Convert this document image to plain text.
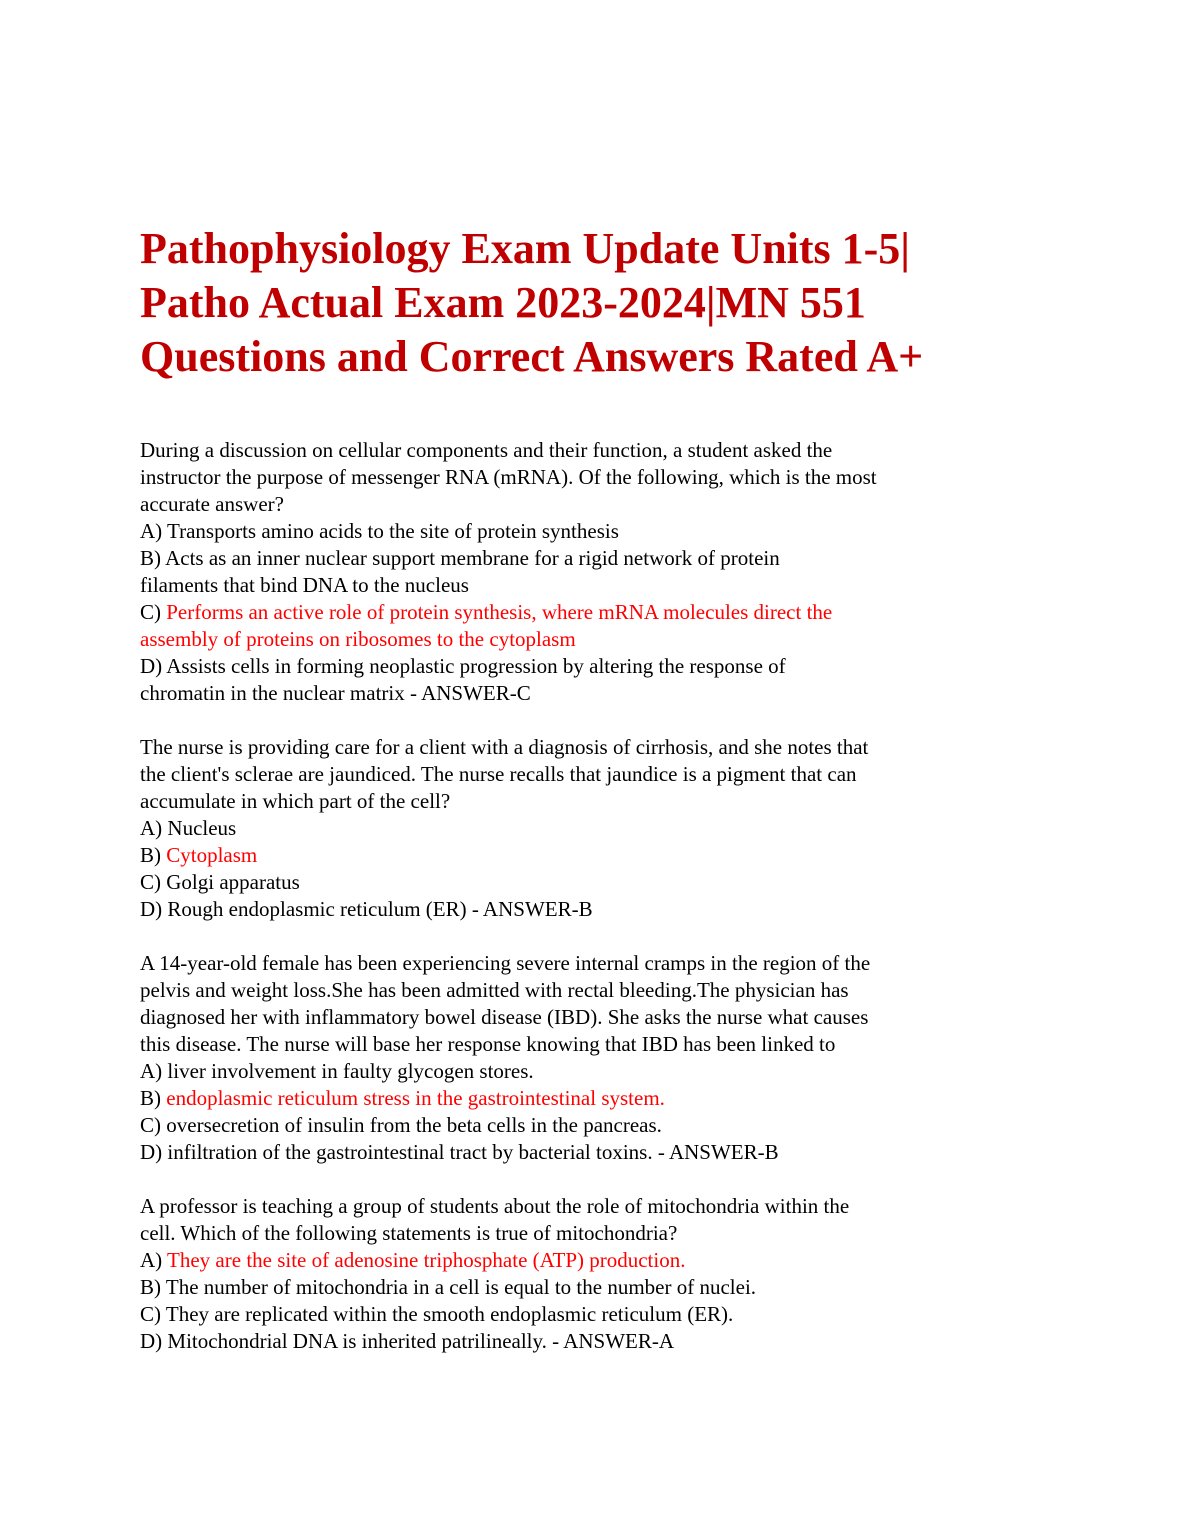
Pathophysiology Exam Update Units 1-5|
Patho Actual Exam 2023-2024|MN 551
Questions and Correct Answers Rated A+
During a discussion on cellular components and their function, a student asked the
instructor the purpose of messenger RNA (mRNA). Of the following, which is the most
accurate answer?
A) Transports amino acids to the site of protein synthesis
B) Acts as an inner nuclear support membrane for a rigid network of protein
filaments that bind DNA to the nucleus
C) Performs an active role of protein synthesis, where mRNA molecules direct the
assembly of proteins on ribosomes to the cytoplasm
D) Assists cells in forming neoplastic progression by altering the response of
chromatin in the nuclear matrix - ANSWER-C
The nurse is providing care for a client with a diagnosis of cirrhosis, and she notes that
the client's sclerae are jaundiced. The nurse recalls that jaundice is a pigment that can
accumulate in which part of the cell?
A) Nucleus
B) Cytoplasm
C) Golgi apparatus
D) Rough endoplasmic reticulum (ER) - ANSWER-B
A 14-year-old female has been experiencing severe internal cramps in the region of the
pelvis and weight loss.She has been admitted with rectal bleeding.The physician has
diagnosed her with inflammatory bowel disease (IBD). She asks the nurse what causes
this disease. The nurse will base her response knowing that IBD has been linked to
A) liver involvement in faulty glycogen stores.
B) endoplasmic reticulum stress in the gastrointestinal system.
C) oversecretion of insulin from the beta cells in the pancreas.
D) infiltration of the gastrointestinal tract by bacterial toxins. - ANSWER-B
A professor is teaching a group of students about the role of mitochondria within the
cell. Which of the following statements is true of mitochondria?
A) They are the site of adenosine triphosphate (ATP) production.
B) The number of mitochondria in a cell is equal to the number of nuclei.
C) They are replicated within the smooth endoplasmic reticulum (ER).
D) Mitochondrial DNA is inherited patrilineally. - ANSWER-A
